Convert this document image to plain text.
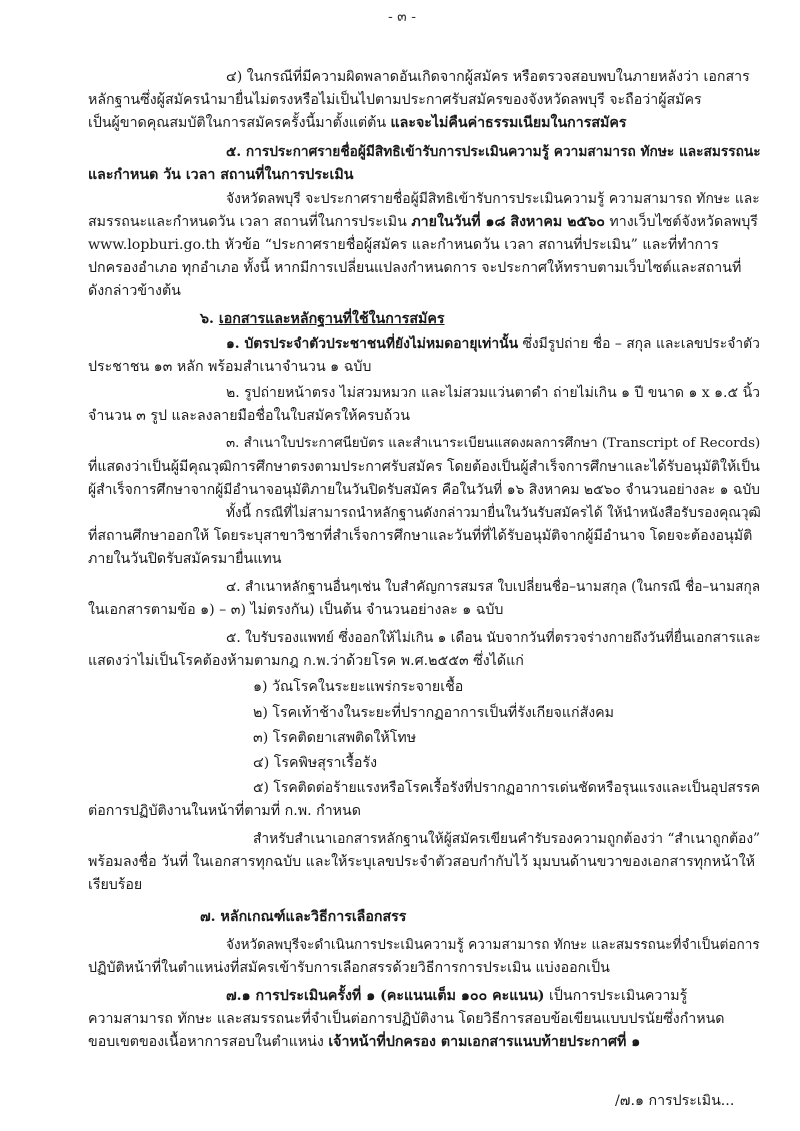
- ๓ -
๔) ในกรณีที่มีความผิดพลาดอันเกิดจากผู้สมัคร หรือตรวจสอบพบในภายหลังว่า เอกสาร
หลักฐานซึ่งผู้สมัครนำมายื่นไม่ตรงหรือไม่เป็นไปตามประกาศรับสมัครของจังหวัดลพบุรี จะถือว่าผู้สมัคร
เป็นผู้ขาดคุณสมบัติในการสมัครครั้งนี้มาตั้งแต่ต้น และจะไม่คืนค่าธรรมเนียมในการสมัคร
๕. การประกาศรายชื่อผู้มีสิทธิเข้ารับการประเมินความรู้ ความสามารถ ทักษะ และสมรรถนะ
และกำหนด วัน เวลา สถานที่ในการประเมิน
จังหวัดลพบุรี จะประกาศรายชื่อผู้มีสิทธิเข้ารับการประเมินความรู้ ความสามารถ ทักษะ และ
สมรรถนะและกำหนดวัน เวลา สถานที่ในการประเมิน ภายในวันที่ ๑๘ สิงหาคม ๒๕๖๐ ทางเว็บไซต์จังหวัดลพบุรี
www.lopburi.go.th หัวข้อ “ประกาศรายชื่อผู้สมัคร และกำหนดวัน เวลา สถานที่ประเมิน” และที่ทำการ
ปกครองอำเภอ ทุกอำเภอ ทั้งนี้ หากมีการเปลี่ยนแปลงกำหนดการ จะประกาศให้ทราบตามเว็บไซต์และสถานที่
ดังกล่าวข้างต้น
๖. เอกสารและหลักฐานที่ใช้ในการสมัคร
๑. บัตรประจำตัวประชาชนที่ยังไม่หมดอายุเท่านั้น ซึ่งมีรูปถ่าย ชื่อ – สกุล และเลขประจำตัว
ประชาชน ๑๓ หลัก พร้อมสำเนาจำนวน ๑ ฉบับ
๒. รูปถ่ายหน้าตรง ไม่สวมหมวก และไม่สวมแว่นตาดำ ถ่ายไม่เกิน ๑ ปี ขนาด ๑ x ๑.๕ นิ้ว
จำนวน ๓ รูป และลงลายมือชื่อในใบสมัครให้ครบถ้วน
๓. สำเนาใบประกาศนียบัตร และสำเนาระเบียนแสดงผลการศึกษา (Transcript of Records)
ที่แสดงว่าเป็นผู้มีคุณวุฒิการศึกษาตรงตามประกาศรับสมัคร โดยต้องเป็นผู้สำเร็จการศึกษาและได้รับอนุมัติให้เป็น
ผู้สำเร็จการศึกษาจากผู้มีอำนาจอนุมัติภายในวันปิดรับสมัคร คือในวันที่ ๑๖ สิงหาคม ๒๕๖๐ จำนวนอย่างละ ๑ ฉบับ
ทั้งนี้ กรณีที่ไม่สามารถนำหลักฐานดังกล่าวมายื่นในวันรับสมัครได้ ให้นำหนังสือรับรองคุณวุฒิ
ที่สถานศึกษาออกให้ โดยระบุสาขาวิชาที่สำเร็จการศึกษาและวันที่ที่ได้รับอนุมัติจากผู้มีอำนาจ โดยจะต้องอนุมัติ
ภายในวันปิดรับสมัครมายื่นแทน
๔. สำเนาหลักฐานอื่นๆเช่น ใบสำคัญการสมรส ใบเปลี่ยนชื่อ–นามสกุล (ในกรณี ชื่อ–นามสกุล
ในเอกสารตามข้อ ๑) – ๓) ไม่ตรงกัน) เป็นต้น จำนวนอย่างละ ๑ ฉบับ
๕. ใบรับรองแพทย์ ซึ่งออกให้ไม่เกิน ๑ เดือน นับจากวันที่ตรวจร่างกายถึงวันที่ยื่นเอกสารและ
แสดงว่าไม่เป็นโรคต้องห้ามตามกฎ ก.พ.ว่าด้วยโรค พ.ศ.๒๕๕๓ ซึ่งได้แก่
๑) วัณโรคในระยะแพร่กระจายเชื้อ
๒) โรคเท้าช้างในระยะที่ปรากฏอาการเป็นที่รังเกียจแก่สังคม
๓) โรคติดยาเสพติดให้โทษ
๔) โรคพิษสุราเรื้อรัง
๕) โรคติดต่อร้ายแรงหรือโรคเรื้อรังที่ปรากฏอาการเด่นชัดหรือรุนแรงและเป็นอุปสรรค
ต่อการปฏิบัติงานในหน้าที่ตามที่ ก.พ. กำหนด
สำหรับสำเนาเอกสารหลักฐานให้ผู้สมัครเขียนคำรับรองความถูกต้องว่า “สำเนาถูกต้อง”
พร้อมลงชื่อ วันที่ ในเอกสารทุกฉบับ และให้ระบุเลขประจำตัวสอบกำกับไว้ มุมบนด้านขวาของเอกสารทุกหน้าให้
เรียบร้อย
๗. หลักเกณฑ์และวิธีการเลือกสรร
จังหวัดลพบุรีจะดำเนินการประเมินความรู้ ความสามารถ ทักษะ และสมรรถนะที่จำเป็นต่อการ
ปฏิบัติหน้าที่ในตำแหน่งที่สมัครเข้ารับการเลือกสรรด้วยวิธีการการประเมิน แบ่งออกเป็น
๗.๑ การประเมินครั้งที่ ๑ (คะแนนเต็ม ๑๐๐ คะแนน) เป็นการประเมินความรู้
ความสามารถ ทักษะ และสมรรถนะที่จำเป็นต่อการปฏิบัติงาน โดยวิธีการสอบข้อเขียนแบบปรนัยซึ่งกำหนด
ขอบเขตของเนื้อหาการสอบในตำแหน่ง เจ้าหน้าที่ปกครอง ตามเอกสารแนบท้ายประกาศที่ ๑
/๗.๑ การประเมิน...
